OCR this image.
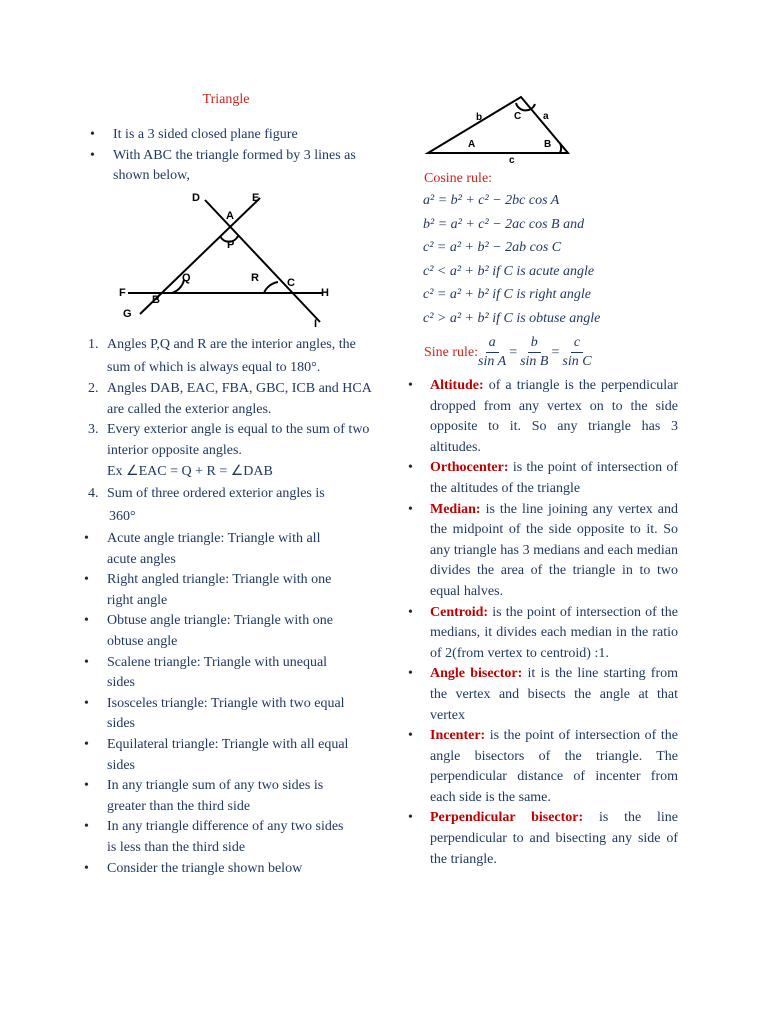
Triangle

• It is a 3 sided closed plane figure

• With ABC the triangle formed by 3 lines as shown below,

D	E
A
P
Q	R	C
F
B
H
G
I

1. Angles P,Q and R are the interior angles, the sum of which is always equal to 180°.

2. Angles DAB, EAC, FBA, GBC, ICB and HCA are called the exterior angles.

3. Every exterior angle is equal to the sum of two interior opposite angles.

Ex ∠EAC = Q + R = ∠DAB

4. Sum of three ordered exterior angles is

360°

• Acute angle triangle: Triangle with all acute angles

• Right angled triangle: Triangle with one right angle

• Obtuse angle triangle: Triangle with one obtuse angle

• Scalene triangle: Triangle with unequal sides

• Isosceles triangle: Triangle with two equal sides

• Equilateral triangle: Triangle with all equal sides

• In any triangle sum of any two sides is greater than the third side

• In any triangle difference of any two sides is less than the third side

• Consider the triangle shown below

b	C a
A	B
c
Cosine rule:
a² = b² + c² − 2bc cos A
b² = a² + c² − 2ac cos B and
c² = a² + b² − 2ab cos C
c² < a² + b² if C is acute angle
c² = a² + b² if C is right angle
c² > a² + b² if C is obtuse angle
Sine rule: $\frac{a}{\text{sin A}} = \frac{b}{\text{sin B}} = \frac{c}{\text{sin C}}$

• Altitude: of a triangle is the perpendicular dropped from any vertex on to the side opposite to it. So any triangle has 3 altitudes.

• Orthocenter: is the point of intersection of the altitudes of the triangle

• Median: is the line joining any vertex and the midpoint of the side opposite to it. So any triangle has 3 medians and each median divides the area of the triangle in to two equal halves.

• Centroid: is the point of intersection of the medians, it divides each median in the ratio of 2(from vertex to centroid) :1.

• Angle bisector: it is the line starting from the vertex and bisects the angle at that vertex

• Incenter: is the point of intersection of the angle bisectors of the triangle. The perpendicular distance of incenter from each side is the same.

• Perpendicular bisector: is the line perpendicular to and bisecting any side of the triangle.
